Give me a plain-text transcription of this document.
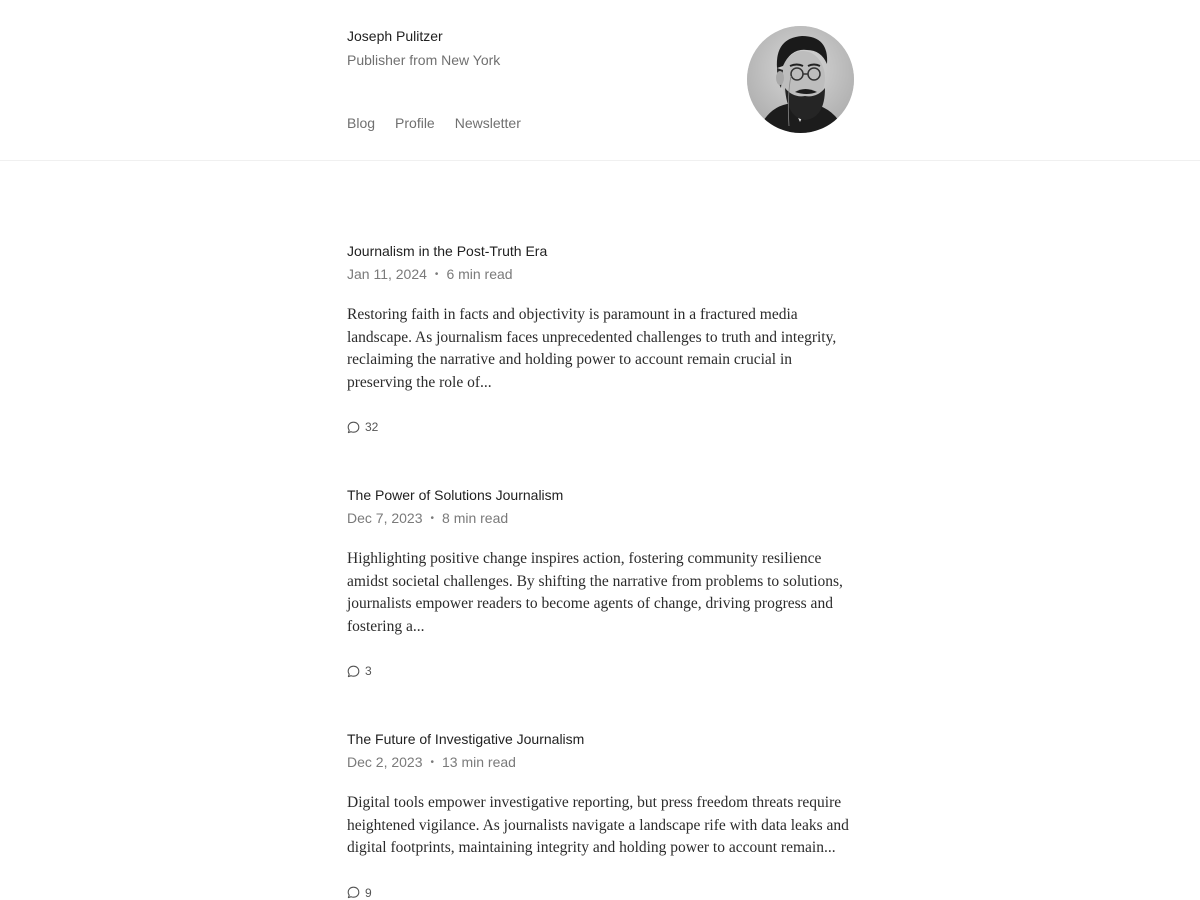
Joseph Pulitzer
Publisher from New York
Blog Profile Newsletter
Journalism in the Post-Truth Era
Jan 11, 2024 • 6 min read

Restoring faith in facts and objectivity is paramount in a fractured media landscape. As journalism faces unprecedented challenges to truth and integrity, reclaiming the narrative and holding power to account remain crucial in preserving the role of...

32
The Power of Solutions Journalism
Dec 7, 2023 • 8 min read

Highlighting positive change inspires action, fostering community resilience amidst societal challenges. By shifting the narrative from problems to solutions, journalists empower readers to become agents of change, driving progress and fostering a...

3
The Future of Investigative Journalism
Dec 2, 2023 • 13 min read

Digital tools empower investigative reporting, but press freedom threats require heightened vigilance. As journalists navigate a landscape rife with data leaks and digital footprints, maintaining integrity and holding power to account remain...

9
